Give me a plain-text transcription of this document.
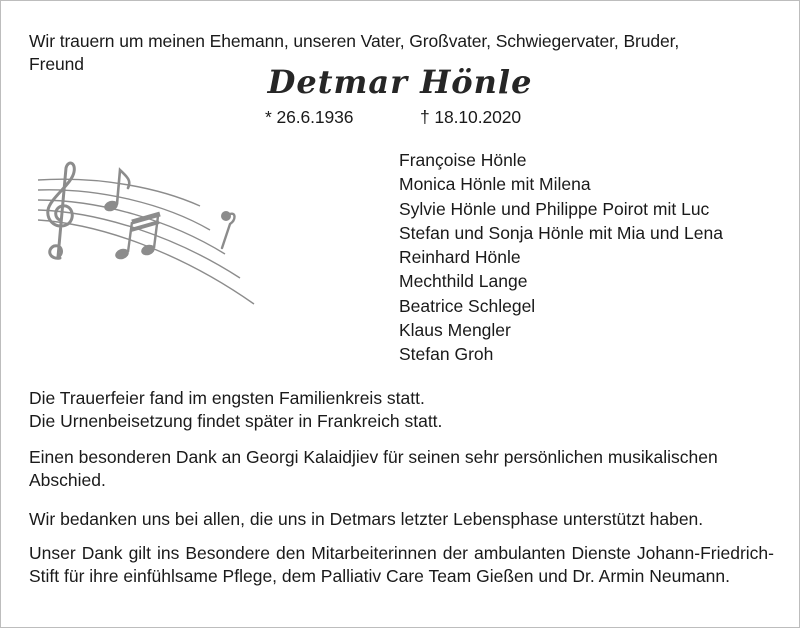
Wir trauern um meinen Ehemann, unseren Vater, Großvater, Schwiegervater, Bruder,
Freund	Detmar Hönle
* 26.6.1936	† 18.10.2020
Françoise Hönle
Monica Hönle mit Milena
Sylvie Hönle und Philippe Poirot mit Luc
Stefan und Sonja Hönle mit Mia und Lena
Reinhard Hönle
Mechthild Lange
Beatrice Schlegel
Klaus Mengler
Stefan Groh
Die Trauerfeier fand im engsten Familienkreis statt.
Die Urnenbeisetzung findet später in Frankreich statt.

Einen besonderen Dank an Georgi Kalaidjiev für seinen sehr persönlichen musikalischen Abschied.

Wir bedanken uns bei allen, die uns in Detmars letzter Lebensphase unterstützt haben.

Unser Dank gilt ins Besondere den Mitarbeiterinnen der ambulanten Dienste Johann-Friedrich-Stift für ihre einfühlsame Pflege, dem Palliativ Care Team Gießen und Dr. Armin Neumann.
